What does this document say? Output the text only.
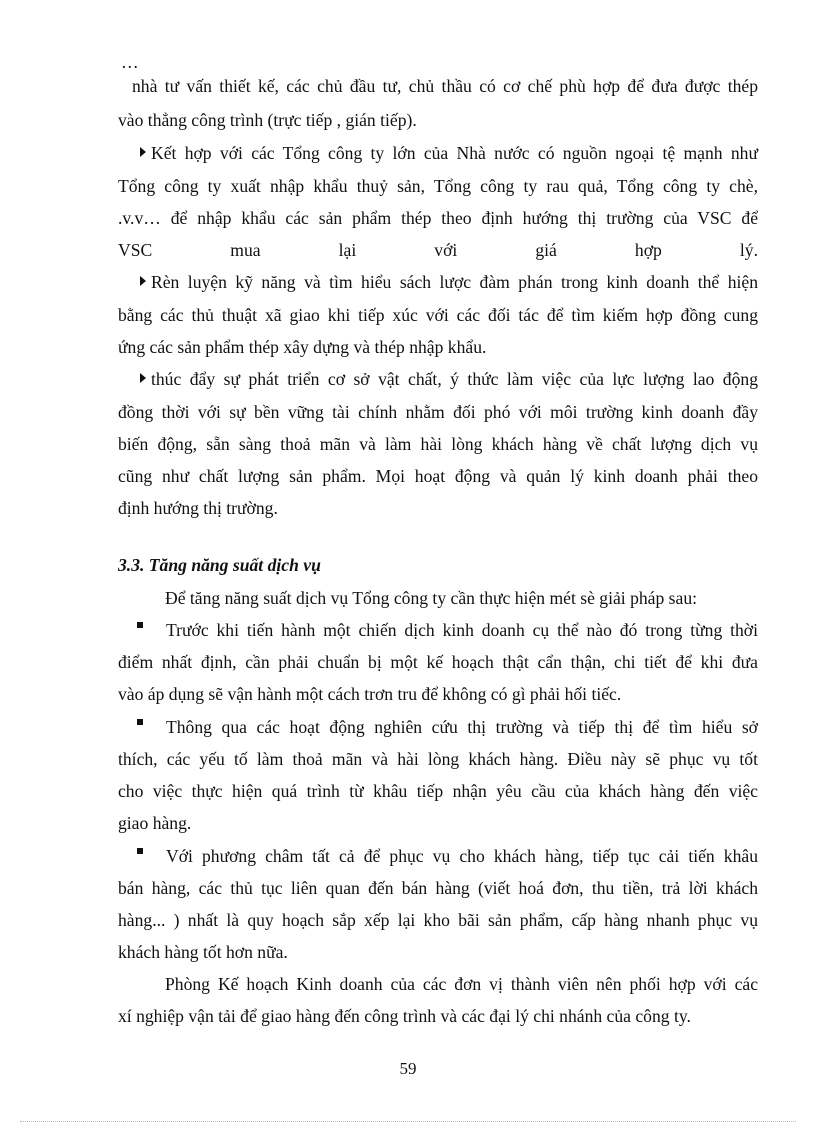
…
nhà tư vấn thiết kế, các chủ đầu tư, chủ thầu có cơ chế phù hợp để đưa được thép
vào thẳng công trình (trực tiếp , gián tiếp).
Kết hợp với các Tổng công ty lớn của Nhà nước có nguồn ngoại tệ mạnh như
Tổng công ty xuất nhập khẩu thuỷ sản, Tổng công ty rau quả, Tổng công ty chè,
.v.v… để nhập khẩu các sản phẩm thép theo định hướng thị trường của VSC để
VSC mua lại với giá hợp lý.
Rèn luyện kỹ năng và tìm hiểu sách lược đàm phán trong kinh doanh thể hiện
bằng các thủ thuật xã giao khi tiếp xúc với các đối tác để tìm kiếm hợp đồng cung
ứng các sản phẩm thép xây dựng và thép nhập khẩu.
thúc đẩy sự phát triển cơ sở vật chất, ý thức làm việc của lực lượng lao động
đồng thời với sự bền vững tài chính nhằm đối phó với môi trường kinh doanh đầy
biến động, sẵn sàng thoả mãn và làm hài lòng khách hàng về chất lượng dịch vụ
cũng như chất lượng sản phẩm. Mọi hoạt động và quản lý kinh doanh phải theo
định hướng thị trường.
3.3. Tăng năng suất dịch vụ
Để tăng năng suất dịch vụ Tổng công ty cần thực hiện mét sè giải pháp sau:
Trước khi tiến hành một chiến dịch kinh doanh cụ thể nào đó trong từng thời
điểm nhất định, cần phải chuẩn bị một kế hoạch thật cẩn thận, chi tiết để khi đưa
vào áp dụng sẽ vận hành một cách trơn tru để không có gì phải hối tiếc.
Thông qua các hoạt động nghiên cứu thị trường và tiếp thị để tìm hiểu sở
thích, các yếu tố làm thoả mãn và hài lòng khách hàng. Điều này sẽ phục vụ tốt
cho việc thực hiện quá trình từ khâu tiếp nhận yêu cầu của khách hàng đến việc
giao hàng.
Với phương châm tất cả để phục vụ cho khách hàng, tiếp tục cải tiến khâu
bán hàng, các thủ tục liên quan đến bán hàng (viết hoá đơn, thu tiền, trả lời khách
hàng... ) nhất là quy hoạch sắp xếp lại kho bãi sản phẩm, cấp hàng nhanh phục vụ
khách hàng tốt hơn nữa.
Phòng Kế hoạch Kinh doanh của các đơn vị thành viên nên phối hợp với các
xí nghiệp vận tải để giao hàng đến công trình và các đại lý chi nhánh của công ty.
59
